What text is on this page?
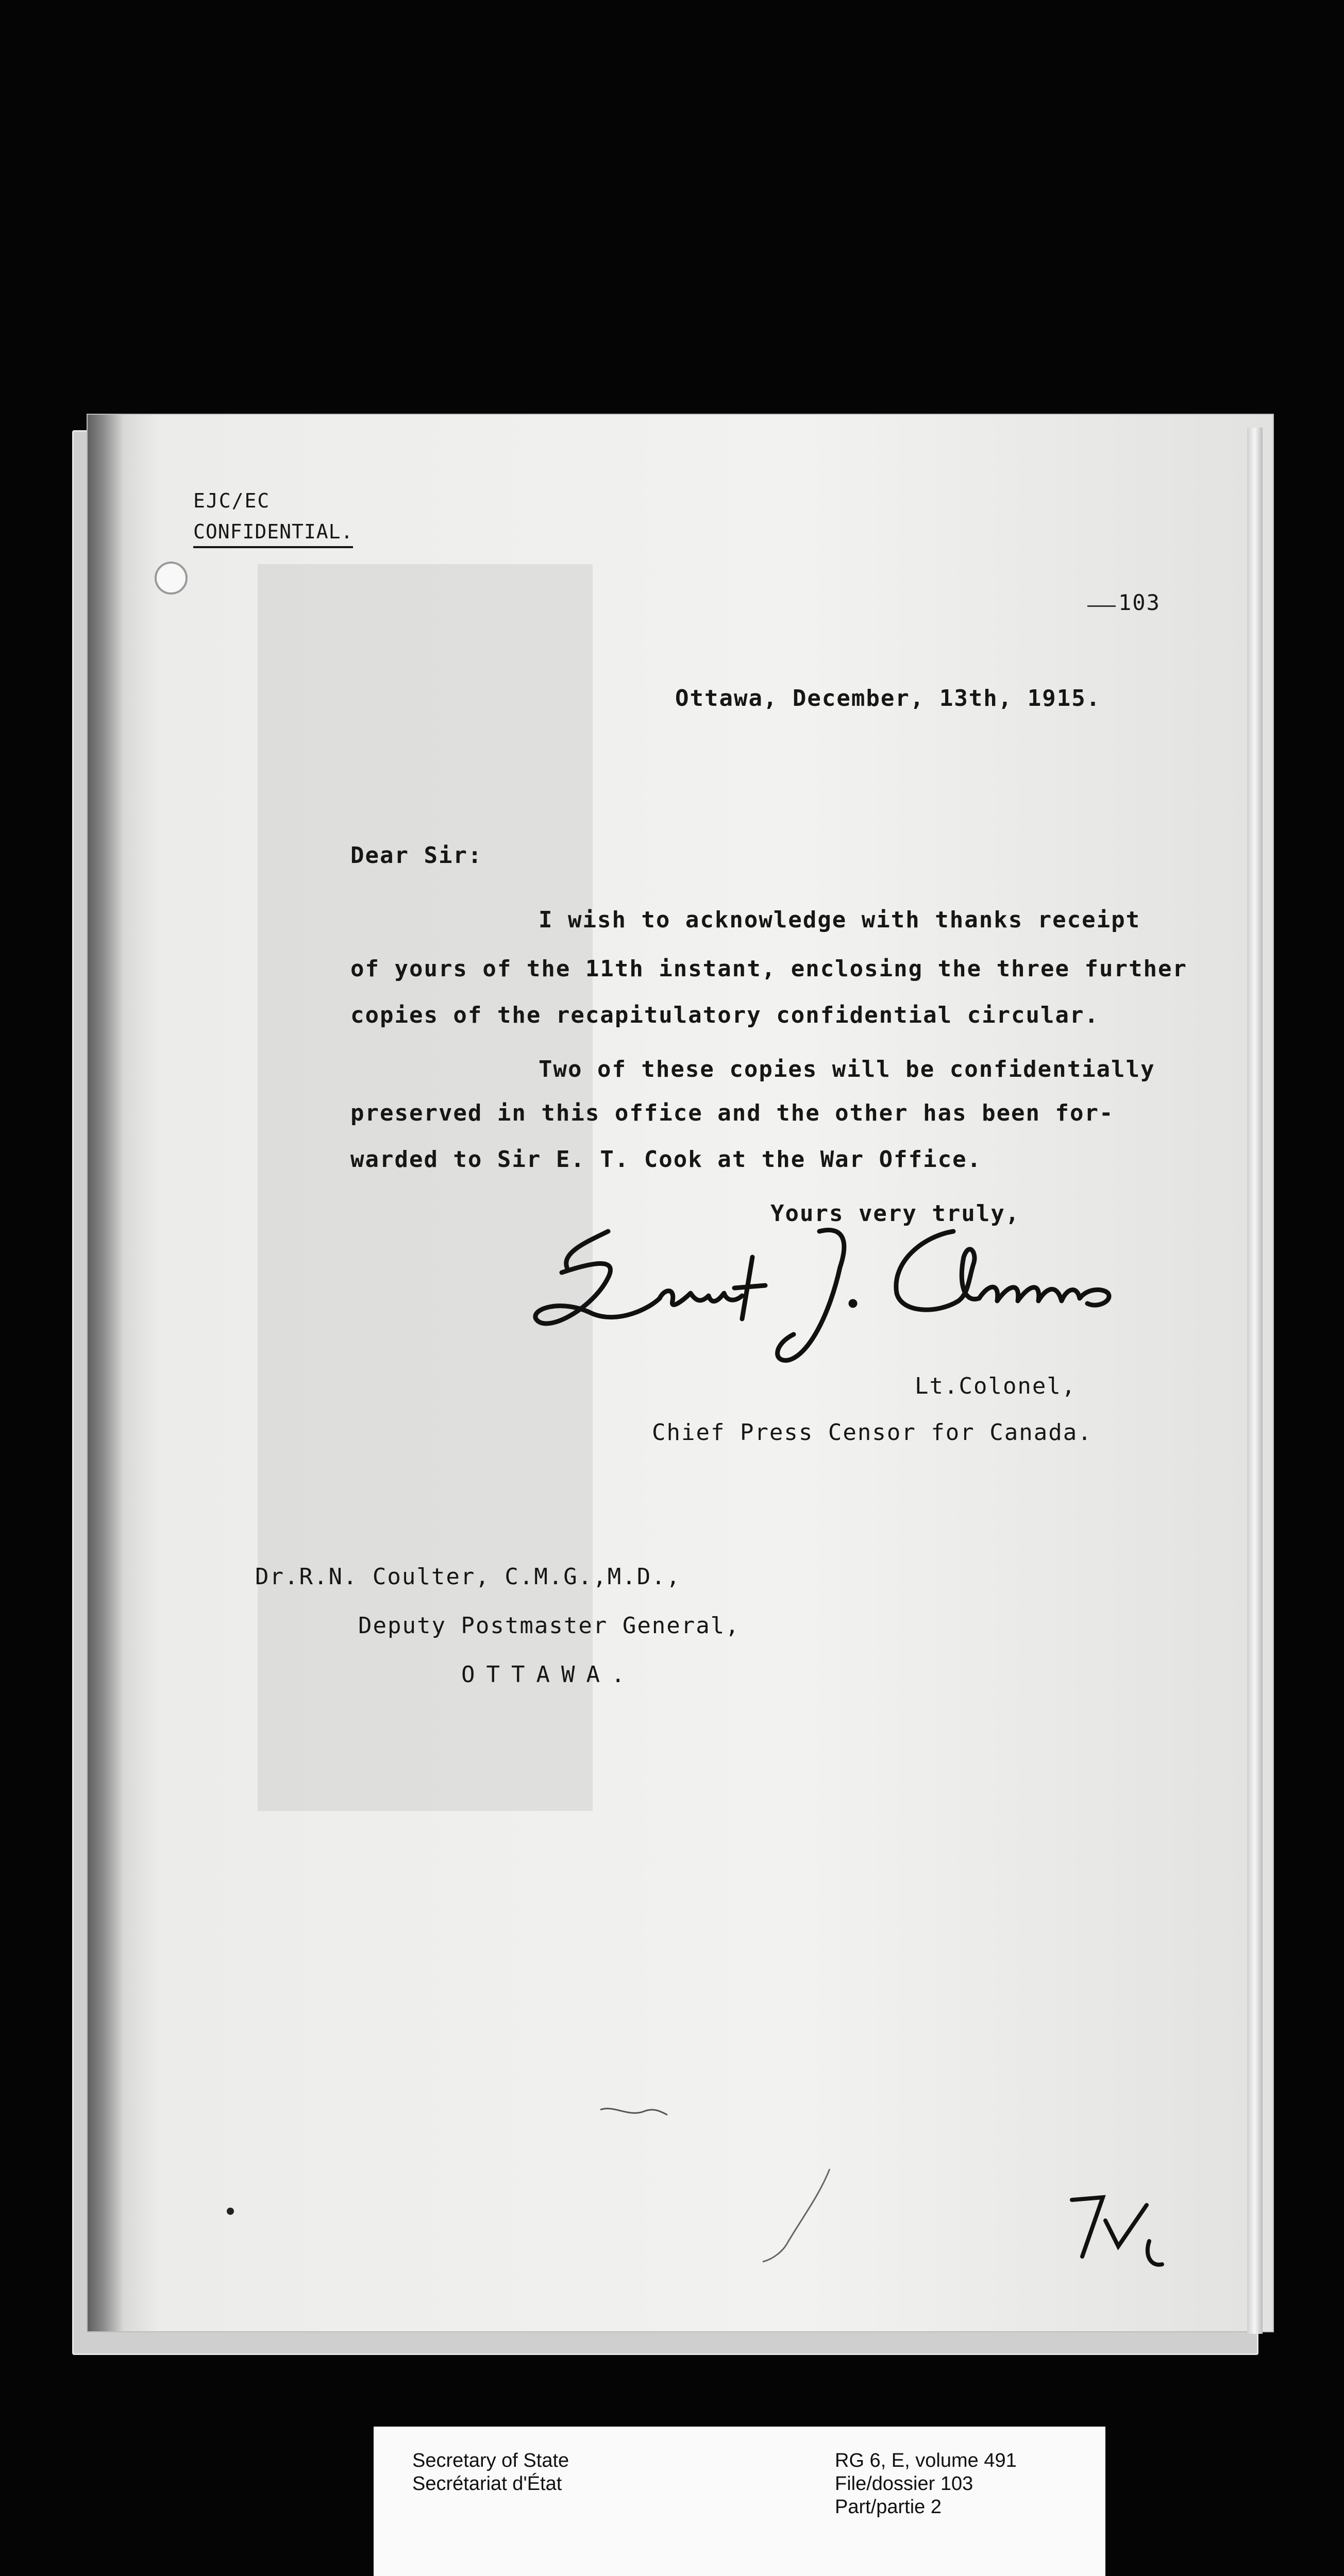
EJC/EC
CONFIDENTIAL.
103
Ottawa, December, 13th, 1915.
Dear Sir:
I wish to acknowledge with thanks receipt
of yours of the 11th instant, enclosing the three further
copies of the recapitulatory confidential circular.
Two of these copies will be confidentially
preserved in this office and the other has been for-
warded to Sir E. T. Cook at the War Office.
Yours very truly,
Lt.Colonel,
Chief Press Censor for Canada.
Dr.R.N. Coulter, C.M.G.,M.D.,
Deputy Postmaster General,
OTTAWA.
Secretary of State
Secrétariat d'État
RG 6, E, volume 491
File/dossier 103
Part/partie 2
